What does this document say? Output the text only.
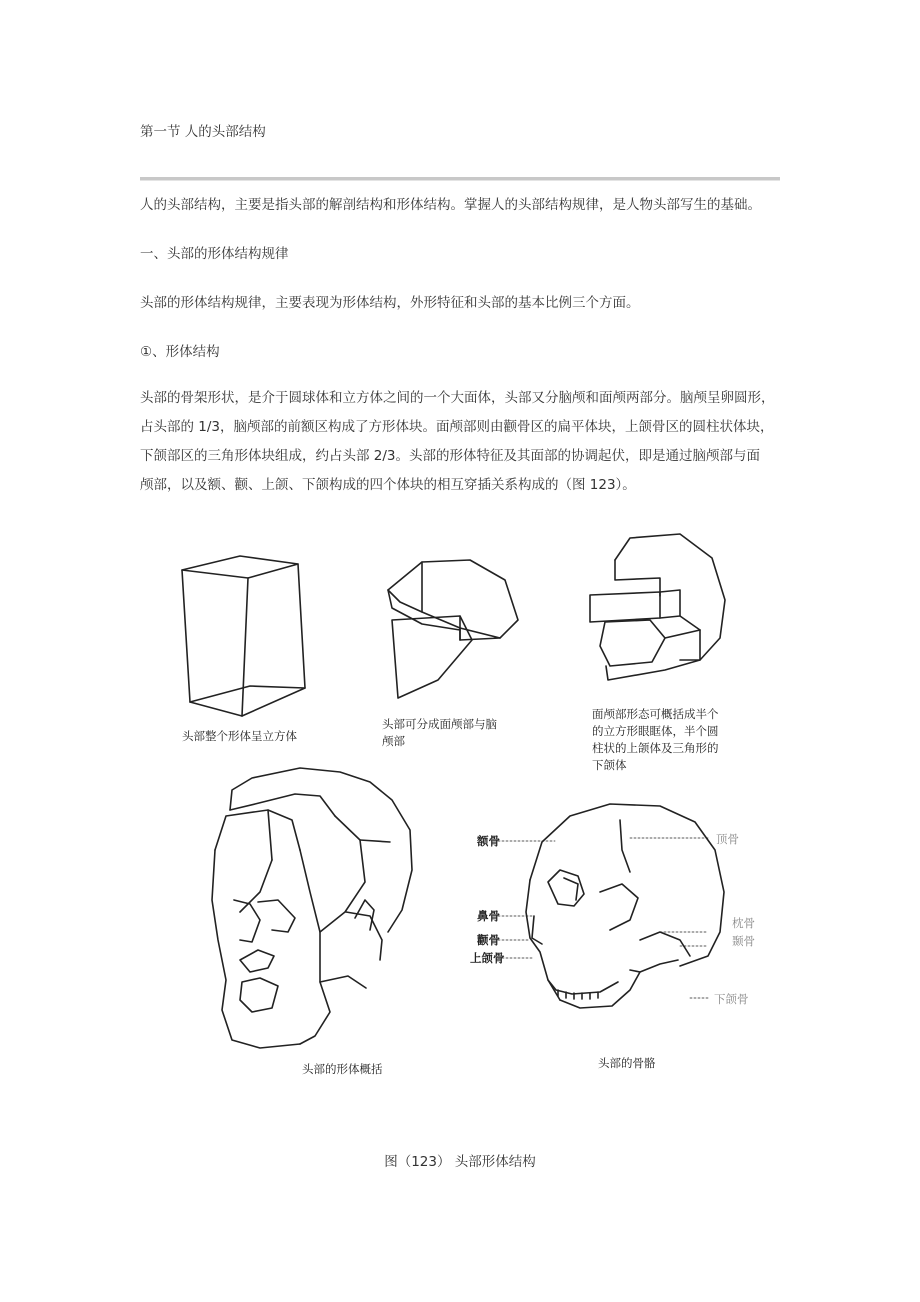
第一节 人的头部结构
人的头部结构，主要是指头部的解剖结构和形体结构。掌握人的头部结构规律，是人物头部写生的基础。
一、头部的形体结构规律
头部的形体结构规律，主要表现为形体结构，外形特征和头部的基本比例三个方面。
①、形体结构
头部的骨架形状，是介于圆球体和立方体之间的一个大面体，头部又分脑颅和面颅两部分。脑颅呈卵圆形，
占头部的 1/3，脑颅部的前额区构成了方形体块。面颅部则由颧骨区的扁平体块，上颌骨区的圆柱状体块，
下颌部区的三角形体块组成，约占头部 2/3。头部的形体特征及其面部的协调起伏，即是通过脑颅部与面
颅部，以及额、颧、上颌、下颌构成的四个体块的相互穿插关系构成的（图 123）。
头部整个形体呈立方体
头部可分成面颅部与脑
颅部
面颅部形态可概括成半个
的立方形眼眶体，半个圆
柱状的上颌体及三角形的
下颌体
额骨
鼻骨
颧骨
上颌骨
顶骨
枕骨
颞骨
下颌骨
头部的形体概括	头部的骨骼
图（123） 头部形体结构
